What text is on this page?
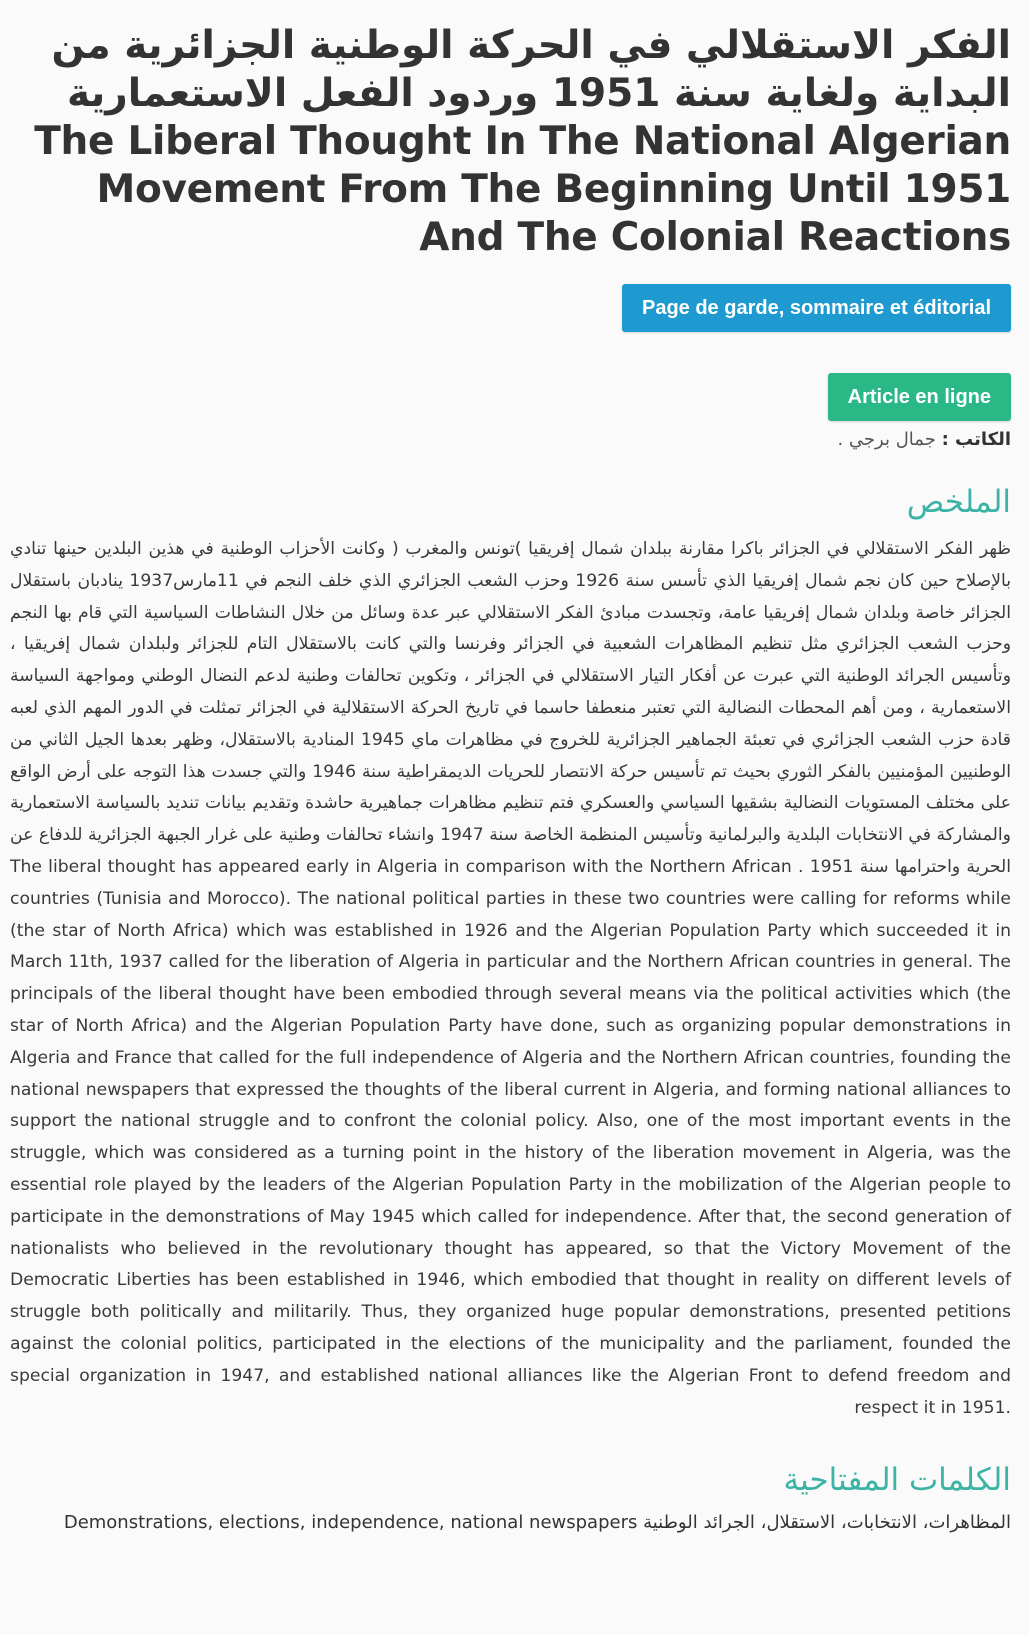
الفكر الاستقلالي في الحركة الوطنية الجزائرية من البداية ولغاية سنة 1951 وردود الفعل الاستعمارية The Liberal Thought In The National Algerian Movement From The Beginning Until 1951 And The Colonial Reactions
Page de garde, sommaire et éditorial
Article en ligne
الكاتب : جمال برجي .
الملخص

ظهر الفكر الاستقلالي في الجزائر باكرا مقارنة ببلدان شمال إفريقيا )تونس والمغرب ( وكانت الأحزاب الوطنية في هذين البلدين حينها تنادي بالإصلاح حين كان نجم شمال إفريقيا الذي تأسس سنة 1926 وحزب الشعب الجزائري الذي خلف النجم في 11مارس1937 ينادبان باستقلال الجزائر خاصة وبلدان شمال إفريقيا عامة، وتجسدت مبادئ الفكر الاستقلالي عبر عدة وسائل من خلال النشاطات السياسية التي قام بها النجم وحزب الشعب الجزائري مثل تنظيم المظاهرات الشعبية في الجزائر وفرنسا والتي كانت بالاستقلال التام للجزائر ولبلدان شمال إفريقيا ، وتأسيس الجرائد الوطنية التي عبرت عن أفكار التيار الاستقلالي في الجزائر ، وتكوين تحالفات وطنية لدعم النضال الوطني ومواجهة السياسة الاستعمارية ، ومن أهم المحطات النضالية التي تعتبر منعطفا حاسما في تاريخ الحركة الاستقلالية في الجزائر تمثلت في الدور المهم الذي لعبه قادة حزب الشعب الجزائري في تعبئة الجماهير الجزائرية للخروج في مظاهرات ماي 1945 المنادية بالاستقلال، وظهر بعدها الجيل الثاني من الوطنيين المؤمنيين بالفكر الثوري بحيث تم تأسيس حركة الانتصار للحريات الديمقراطية سنة 1946 والتي جسدت هذا التوجه على أرض الواقع على مختلف المستويات النضالية بشقيها السياسي والعسكري فتم تنظيم مظاهرات جماهيرية حاشدة وتقديم بيانات تنديد بالسياسة الاستعمارية والمشاركة في الانتخابات البلدية والبرلمانية وتأسيس المنظمة الخاصة سنة 1947 وانشاء تحالفات وطنية على غرار الجبهة الجزائرية للدفاع عن الحرية واحترامها سنة 1951 . The liberal thought has appeared early in Algeria in comparison with the Northern African countries (Tunisia and Morocco). The national political parties in these two countries were calling for reforms while (the star of North Africa) which was established in 1926 and the Algerian Population Party which succeeded it in March 11th, 1937 called for the liberation of Algeria in particular and the Northern African countries in general. The principals of the liberal thought have been embodied through several means via the political activities which (the star of North Africa) and the Algerian Population Party have done, such as organizing popular demonstrations in Algeria and France that called for the full independence of Algeria and the Northern African countries, founding the national newspapers that expressed the thoughts of the liberal current in Algeria, and forming national alliances to support the national struggle and to confront the colonial policy. Also, one of the most important events in the struggle, which was considered as a turning point in the history of the liberation movement in Algeria, was the essential role played by the leaders of the Algerian Population Party in the mobilization of the Algerian people to participate in the demonstrations of May 1945 which called for independence. After that, the second generation of nationalists who believed in the revolutionary thought has appeared, so that the Victory Movement of the Democratic Liberties has been established in 1946, which embodied that thought in reality on different levels of struggle both politically and militarily. Thus, they organized huge popular demonstrations, presented petitions against the colonial politics, participated in the elections of the municipality and the parliament, founded the special organization in 1947, and established national alliances like the Algerian Front to defend freedom and respect it in 1951.

الكلمات المفتاحية
المظاهرات، الانتخابات، الاستقلال، الجرائد الوطنية Demonstrations, elections, independence, national newspapers
